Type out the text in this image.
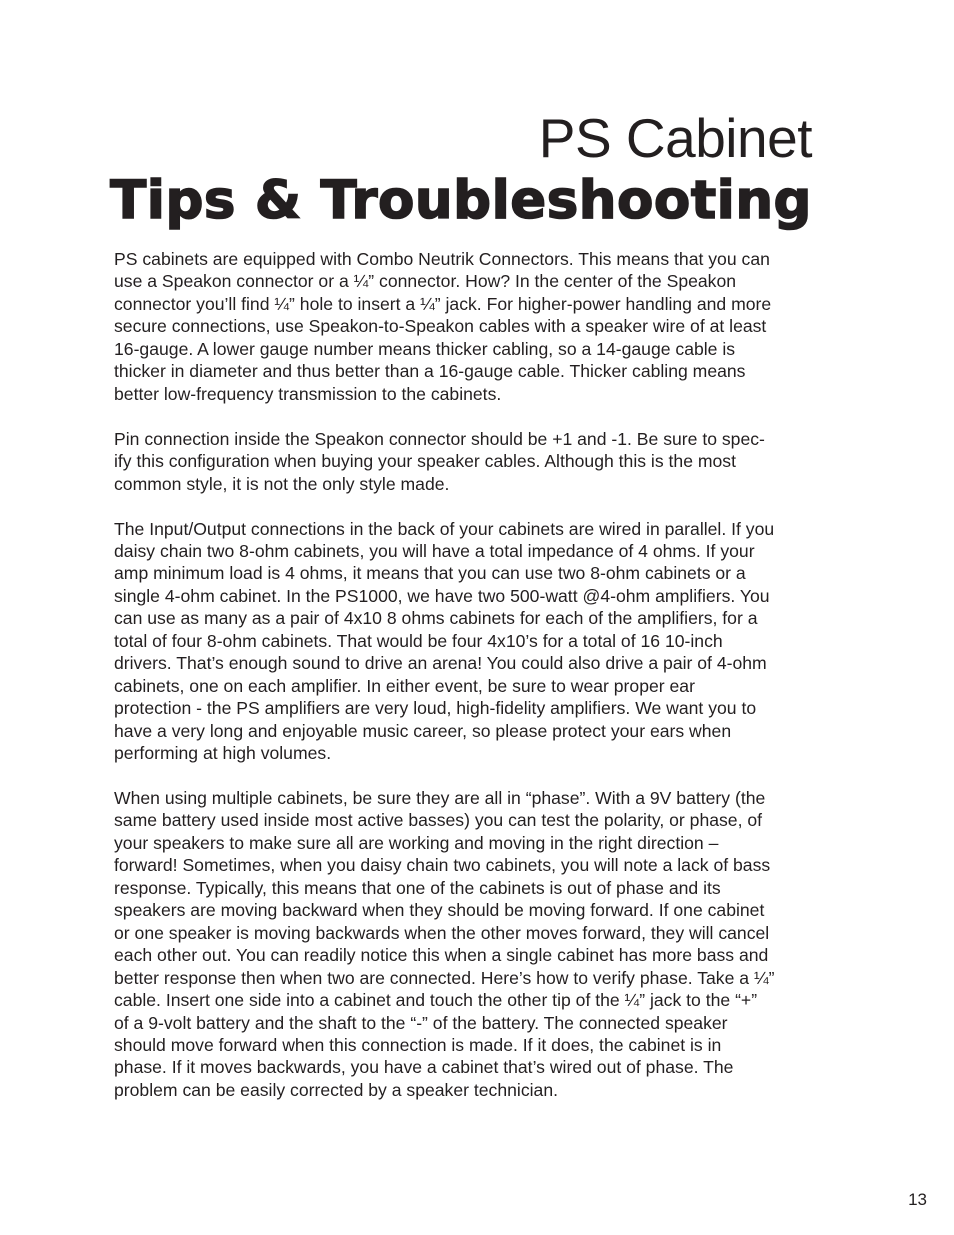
PS Cabinet
Tips & Troubleshooting

PS cabinets are equipped with Combo Neutrik Connectors. This means that you can
use a Speakon connector or a ¼” connector. How? In the center of the Speakon
connector you’ll find ¼” hole to insert a ¼” jack. For higher-power handling and more
secure connections, use Speakon-to-Speakon cables with a speaker wire of at least
16-gauge. A lower gauge number means thicker cabling, so a 14-gauge cable is
thicker in diameter and thus better than a 16-gauge cable. Thicker cabling means
better low-frequency transmission to the cabinets.

Pin connection inside the Speakon connector should be +1 and -1. Be sure to spec-
ify this configuration when buying your speaker cables. Although this is the most
common style, it is not the only style made.

The Input/Output connections in the back of your cabinets are wired in parallel. If you
daisy chain two 8-ohm cabinets, you will have a total impedance of 4 ohms. If your
amp minimum load is 4 ohms, it means that you can use two 8-ohm cabinets or a
single 4-ohm cabinet. In the PS1000, we have two 500-watt @4-ohm amplifiers. You
can use as many as a pair of 4x10 8 ohms cabinets for each of the amplifiers, for a
total of four 8-ohm cabinets. That would be four 4x10’s for a total of 16 10-inch
drivers. That’s enough sound to drive an arena! You could also drive a pair of 4-ohm
cabinets, one on each amplifier. In either event, be sure to wear proper ear
protection - the PS amplifiers are very loud, high-fidelity amplifiers. We want you to
have a very long and enjoyable music career, so please protect your ears when
performing at high volumes.

When using multiple cabinets, be sure they are all in “phase”. With a 9V battery (the
same battery used inside most active basses) you can test the polarity, or phase, of
your speakers to make sure all are working and moving in the right direction –
forward! Sometimes, when you daisy chain two cabinets, you will note a lack of bass
response. Typically, this means that one of the cabinets is out of phase and its
speakers are moving backward when they should be moving forward. If one cabinet
or one speaker is moving backwards when the other moves forward, they will cancel
each other out. You can readily notice this when a single cabinet has more bass and
better response then when two are connected. Here’s how to verify phase. Take a ¼”
cable. Insert one side into a cabinet and touch the other tip of the ¼” jack to the “+”
of a 9-volt battery and the shaft to the “-” of the battery. The connected speaker
should move forward when this connection is made. If it does, the cabinet is in
phase. If it moves backwards, you have a cabinet that’s wired out of phase. The
problem can be easily corrected by a speaker technician.

13
